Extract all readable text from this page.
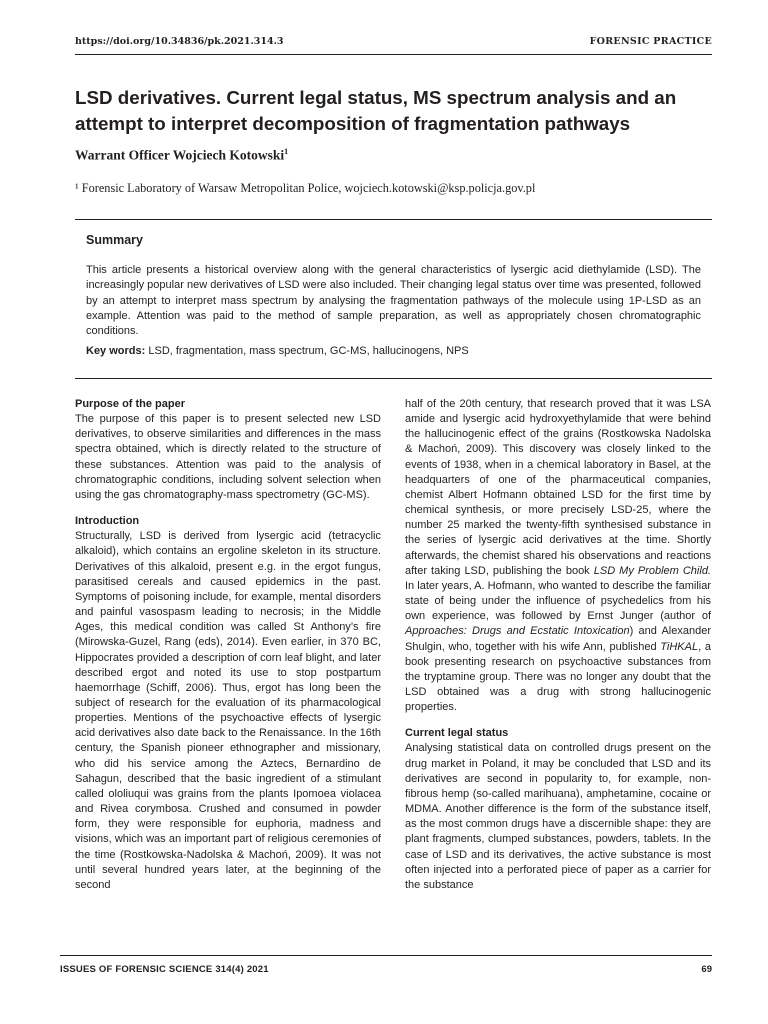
https://doi.org/10.34836/pk.2021.314.3	FORENSIC PRACTICE
LSD derivatives. Current legal status, MS spectrum analysis and an attempt to interpret decomposition of fragmentation pathways
Warrant Officer Wojciech Kotowski$^1$
¹ Forensic Laboratory of Warsaw Metropolitan Police, wojciech.kotowski@ksp.policja.gov.pl
Summary
This article presents a historical overview along with the general characteristics of lysergic acid diethylamide (LSD). The increasingly popular new derivatives of LSD were also included. Their changing legal status over time was presented, followed by an attempt to interpret mass spectrum by analysing the fragmentation pathways of the molecule using 1P-LSD as an example. Attention was paid to the method of sample preparation, as well as appropriately chosen chromatographic conditions.
Key words: LSD, fragmentation, mass spectrum, GC-MS, hallucinogens, NPS
Purpose of the paper

The purpose of this paper is to present selected new LSD derivatives, to observe similarities and differences in the mass spectra obtained, which is directly related to the structure of these substances. Attention was paid to the analysis of chromatographic conditions, including solvent selection when using the gas chromatography-mass spectrometry (GC-MS).

Introduction

Structurally, LSD is derived from lysergic acid (tetracyclic alkaloid), which contains an ergoline skeleton in its structure. Derivatives of this alkaloid, present e.g. in the ergot fungus, parasitised cereals and caused epidemics in the past. Symptoms of poisoning include, for example, mental disorders and painful vasospasm leading to necrosis; in the Middle Ages, this medical condition was called St Anthony’s fire (Mirowska-Guzel, Rang (eds), 2014). Even earlier, in 370 BC, Hippocrates provided a description of corn leaf blight, and later described ergot and noted its use to stop postpartum haemorrhage (Schiff, 2006). Thus, ergot has long been the subject of research for the evaluation of its pharmacological properties. Mentions of the psychoactive effects of lysergic acid derivatives also date back to the Renaissance. In the 16th century, the Spanish pioneer ethnographer and missionary, who did his service among the Aztecs, Bernardino de Sahagun, described that the basic ingredient of a stimulant called ololiuqui was grains from the plants Ipomoea violacea and Rivea corymbosa. Crushed and consumed in powder form, they were responsible for euphoria, madness and visions, which was an important part of religious ceremonies of the time (Rostkowska-Nadolska & Machoń, 2009). It was not until several hundred years later, at the beginning of the second

half of the 20th century, that research proved that it was LSA amide and lysergic acid hydroxyethylamide that were behind the hallucinogenic effect of the grains (Rostkowska Nadolska & Machoń, 2009). This discovery was closely linked to the events of 1938, when in a chemical laboratory in Basel, at the headquarters of one of the pharmaceutical companies, chemist Albert Hofmann obtained LSD for the first time by chemical synthesis, or more precisely LSD-25, where the number 25 marked the twenty-fifth synthesised substance in the series of lysergic acid derivatives at the time. Shortly afterwards, the chemist shared his observations and reactions after taking LSD, publishing the book LSD My Problem Child. In later years, A. Hofmann, who wanted to describe the familiar state of being under the influence of psychedelics from his own experience, was followed by Ernst Junger (author of Approaches: Drugs and Ecstatic Intoxication) and Alexander Shulgin, who, together with his wife Ann, published TiHKAL, a book presenting research on psychoactive substances from the tryptamine group. There was no longer any doubt that the LSD obtained was a drug with strong hallucinogenic properties.

Current legal status

Analysing statistical data on controlled drugs present on the drug market in Poland, it may be concluded that LSD and its derivatives are second in popularity to, for example, non-fibrous hemp (so-called marihuana), amphetamine, cocaine or MDMA. Another difference is the form of the substance itself, as the most common drugs have a discernible shape: they are plant fragments, clumped substances, powders, tablets. In the case of LSD and its derivatives, the active substance is most often injected into a perforated piece of paper as a carrier for the substance

ISSUES OF FORENSIC SCIENCE 314(4) 2021	69
